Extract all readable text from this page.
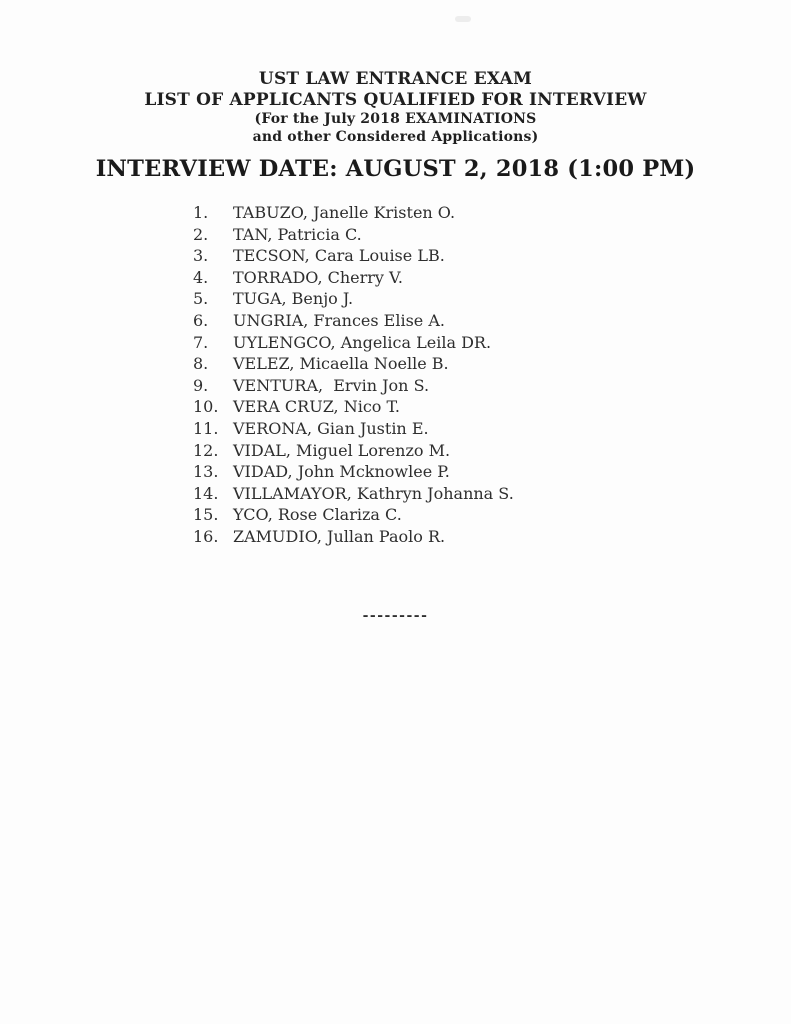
UST LAW ENTRANCE EXAM
LIST OF APPLICANTS QUALIFIED FOR INTERVIEW
(For the July 2018 EXAMINATIONS
and other Considered Applications)
INTERVIEW DATE: AUGUST 2, 2018 (1:00 PM)
1.	TABUZO, Janelle Kristen O.
2.	TAN, Patricia C.
3.	TECSON, Cara Louise LB.
4.	TORRADO, Cherry V.
5.	TUGA, Benjo J.
6.	UNGRIA, Frances Elise A.
7.	UYLENGCO, Angelica Leila DR.
8.	VELEZ, Micaella Noelle B.
9.	VENTURA,  Ervin Jon S.
10. VERA CRUZ, Nico T.
11. VERONA, Gian Justin E.
12. VIDAL, Miguel Lorenzo M.
13. VIDAD, John Mcknowlee P.
14. VILLAMAYOR, Kathryn Johanna S.
15. YCO, Rose Clariza C.
16. ZAMUDIO, Jullan Paolo R.
---------
